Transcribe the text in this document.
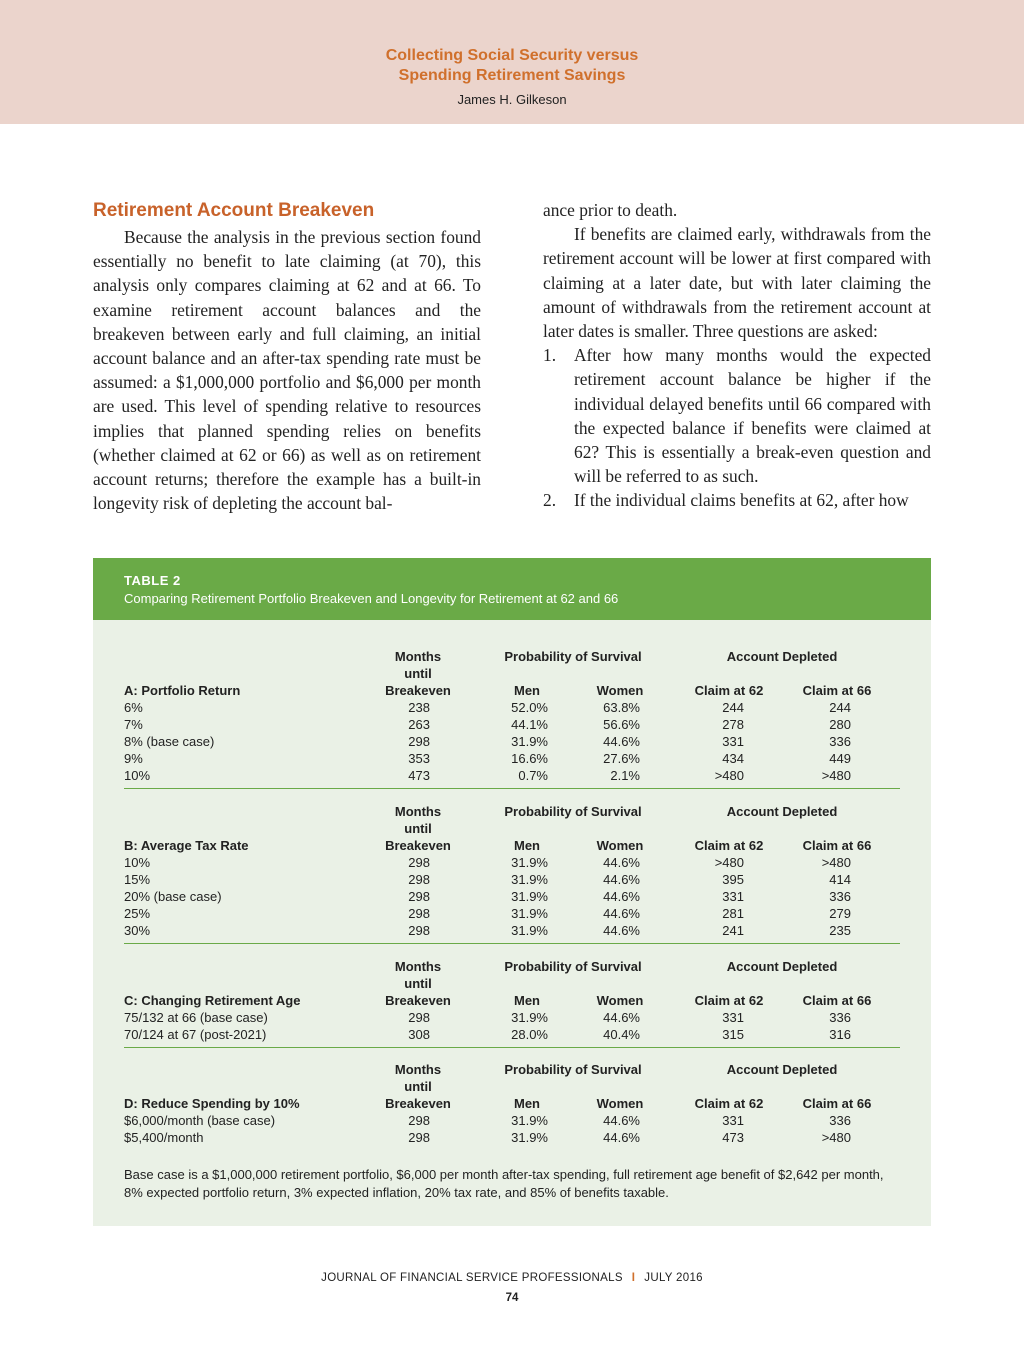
Collecting Social Security versus
Spending Retirement Savings
James H. Gilkeson
Retirement Account Breakeven

Because the analysis in the previous section found essentially no benefit to late claiming (at 70), this analysis only compares claiming at 62 and at 66. To examine retirement account balances and the breakeven between early and full claiming, an initial account balance and an after-tax spending rate must be assumed: a $1,000,000 portfolio and $6,000 per month are used. This level of spending relative to resources implies that planned spending relies on benefits (whether claimed at 62 or 66) as well as on retirement account returns; therefore the example has a built-in longevity risk of depleting the account bal-

ance prior to death.

If benefits are claimed early, withdrawals from the retirement account will be lower at first compared with claiming at a later date, but with later claiming the amount of withdrawals from the retirement account at later dates is smaller. Three questions are asked:

1. After how many months would the expected retirement account balance be higher if the individual delayed benefits until 66 compared with the expected balance if benefits were claimed at 62? This is essentially a break-even question and will be referred to as such.
2. If the individual claims benefits at 62, after how
TABLE 2
Comparing Retirement Portfolio Breakeven and Longevity for Retirement at 62 and 66
Months
until
Breakeven
Probability of Survival
Men	Women
Account Depleted
Claim at 62	Claim at 66
A: Portfolio Return
6%	238	52.0%	63.8%	244	244
7%	263	44.1%	56.6%	278	280
8% (base case)	298	31.9%	44.6%	331	336
9%	353	16.6%	27.6%	434	449
10%	473	0.7%	2.1%	>480	>480
Months
until
Breakeven
Probability of Survival
Men	Women
Account Depleted
Claim at 62	Claim at 66
B: Average Tax Rate
10%	298	31.9%	44.6%	>480	>480
15%	298	31.9%	44.6%	395	414
20% (base case)	298	31.9%	44.6%	331	336
25%	298	31.9%	44.6%	281	279
30%	298	31.9%	44.6%	241	235
Months
until
Breakeven
Probability of Survival
Men	Women
Account Depleted
Claim at 62	Claim at 66
C: Changing Retirement Age
75/132 at 66 (base case)	298	31.9%	44.6%	331	336
70/124 at 67 (post-2021)	308	28.0%	40.4%	315	316
Months
until
Breakeven
Probability of Survival
Men	Women
Account Depleted
Claim at 62	Claim at 66
D: Reduce Spending by 10%
$6,000/month (base case)	298	31.9%	44.6%	331	336
$5,400/month	298	31.9%	44.6%	473	>480
Base case is a $1,000,000 retirement portfolio, $6,000 per month after-tax spending, full retirement age benefit of $2,642 per month, 8% expected portfolio return, 3% expected inflation, 20% tax rate, and 85% of benefits taxable.
JOURNAL OF FINANCIAL SERVICE PROFESSIONALS I JULY 2016
74
